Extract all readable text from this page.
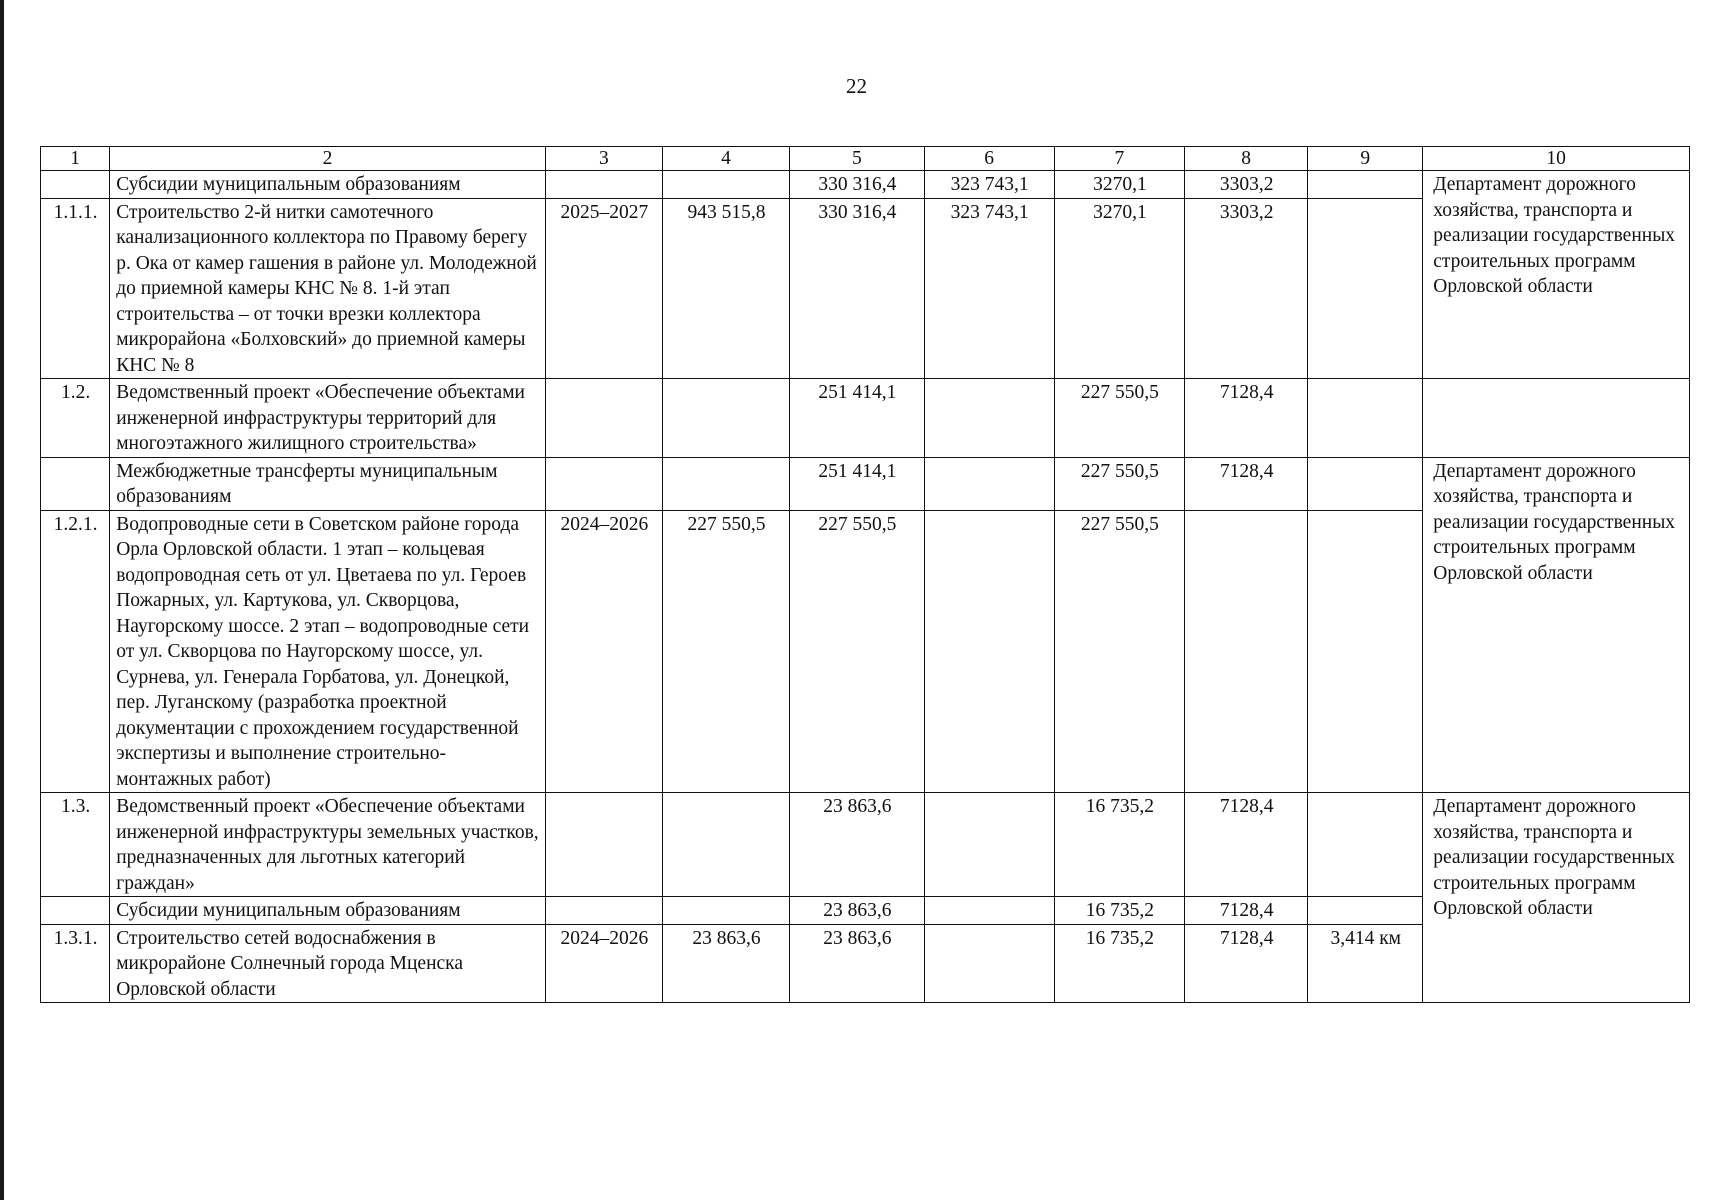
22
1	2	3	4	5	6	7	8	9	10
	Субсидии муниципальным образованиям			330 316,4	323 743,1	3270,1	3303,2		Департамент дорожного хозяйства, транспорта и реализации государственных строительных программ Орловской области
1.1.1.	Строительство 2-й нитки самотечного канализационного коллектора по Правому берегу р. Ока от камер гашения в районе ул. Молодежной до приемной камеры КНС № 8. 1-й этап строительства – от точки врезки коллектора микрорайона «Болховский» до приемной камеры КНС № 8	2025–2027	943 515,8	330 316,4	323 743,1	3270,1	3303,2		
1.2.	Ведомственный проект «Обеспечение объектами инженерной инфраструктуры территорий для многоэтажного жилищного строительства»			251 414,1		227 550,5	7128,4		
	Межбюджетные трансферты муниципальным образованиям			251 414,1		227 550,5	7128,4		Департамент дорожного хозяйства, транспорта и реализации государственных строительных программ Орловской области
1.2.1.	Водопроводные сети в Советском районе города Орла Орловской области. 1 этап – кольцевая водопроводная сеть от ул. Цветаева по ул. Героев Пожарных, ул. Картукова, ул. Скворцова, Наугорскому шоссе. 2 этап – водопроводные сети от ул. Скворцова по Наугорскому шоссе, ул. Сурнева, ул. Генерала Горбатова, ул. Донецкой, пер. Луганскому (разработка проектной документации с прохождением государственной экспертизы и выполнение строительно-монтажных работ)	2024–2026	227 550,5	227 550,5		227 550,5			
1.3.	Ведомственный проект «Обеспечение объектами инженерной инфраструктуры земельных участков, предназначенных для льготных категорий граждан»			23 863,6		16 735,2	7128,4		Департамент дорожного хозяйства, транспорта и реализации государственных строительных программ Орловской области
	Субсидии муниципальным образованиям			23 863,6		16 735,2	7128,4		
1.3.1.	Строительство сетей водоснабжения в микрорайоне Солнечный города Мценска Орловской области	2024–2026	23 863,6	23 863,6		16 735,2	7128,4	3,414 км	
